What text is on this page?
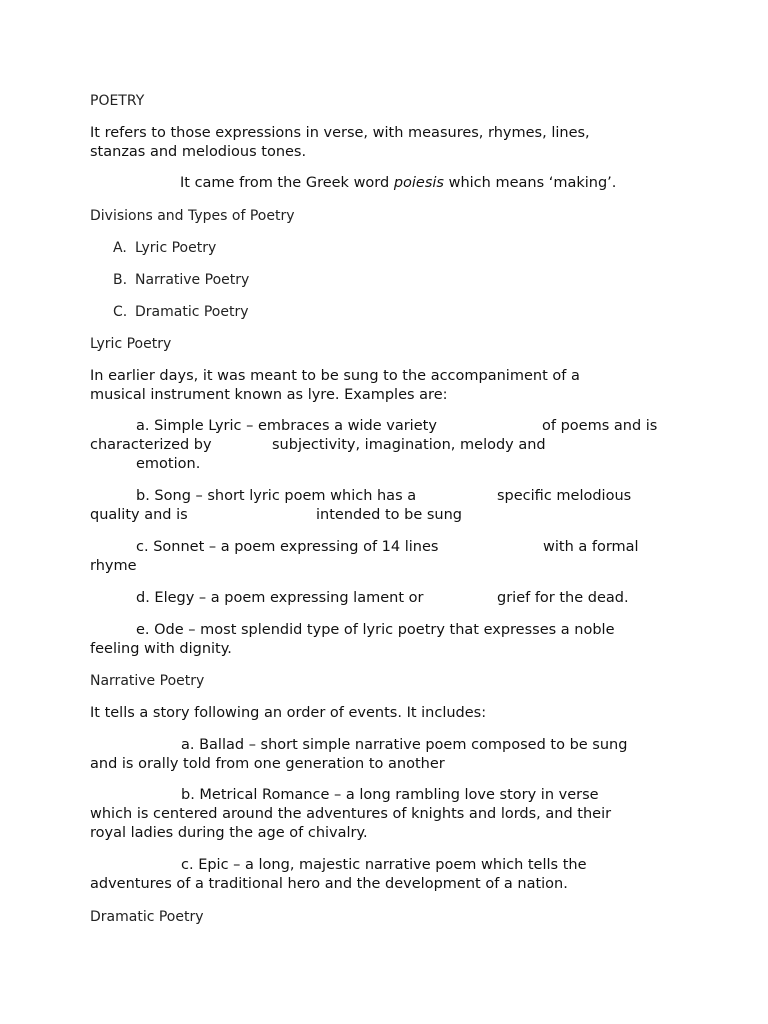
POETRY
It refers to those expressions in verse, with measures, rhymes, lines,
stanzas and melodious tones.
It came from the Greek word poiesis which means ‘making’.
Divisions and Types of Poetry
A. Lyric Poetry
B. Narrative Poetry
C. Dramatic Poetry
Lyric Poetry
In earlier days, it was meant to be sung to the accompaniment of a
musical instrument known as lyre. Examples are:
a. Simple Lyric – embraces a wide variety	of poems and is
characterized by	subjectivity, imagination, melody and
emotion.
b. Song – short lyric poem which has a	specific melodious
quality and is	intended to be sung
c. Sonnet – a poem expressing of 14 lines	with a formal
rhyme
d. Elegy – a poem expressing lament or	grief for the dead.
e. Ode – most splendid type of lyric poetry that expresses a noble
feeling with dignity.
Narrative Poetry
It tells a story following an order of events. It includes:
a. Ballad – short simple narrative poem composed to be sung
and is orally told from one generation to another
b. Metrical Romance – a long rambling love story in verse
which is centered around the adventures of knights and lords, and their
royal ladies during the age of chivalry.
c. Epic – a long, majestic narrative poem which tells the
adventures of a traditional hero and the development of a nation.
Dramatic Poetry
